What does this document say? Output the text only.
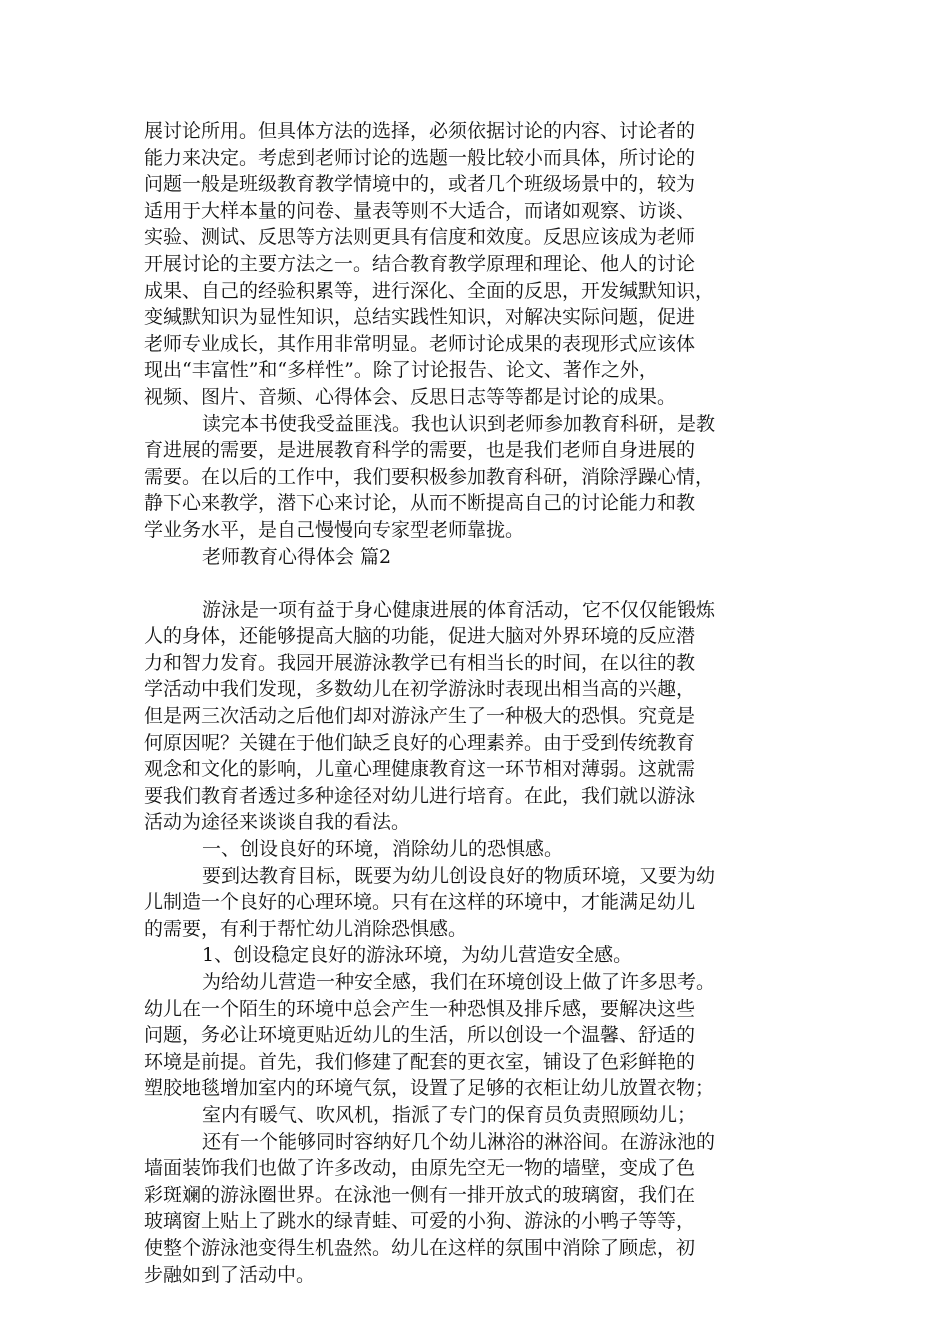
展讨论所用。但具体方法的选择，必须依据讨论的内容、讨论者的
能力来决定。考虑到老师讨论的选题一般比较小而具体，所讨论的
问题一般是班级教育教学情境中的，或者几个班级场景中的，较为
适用于大样本量的问卷、量表等则不大适合，而诸如观察、访谈、
实验、测试、反思等方法则更具有信度和效度。反思应该成为老师
开展讨论的主要方法之一。结合教育教学原理和理论、他人的讨论
成果、自己的经验积累等，进行深化、全面的反思，开发缄默知识，
变缄默知识为显性知识，总结实践性知识，对解决实际问题，促进
老师专业成长，其作用非常明显。老师讨论成果的表现形式应该体
现出“丰富性”和“多样性”。除了讨论报告、论文、著作之外，
视频、图片、音频、心得体会、反思日志等等都是讨论的成果。
读完本书使我受益匪浅。我也认识到老师参加教育科研，是教
育进展的需要，是进展教育科学的需要，也是我们老师自身进展的
需要。在以后的工作中，我们要积极参加教育科研，消除浮躁心情，
静下心来教学，潜下心来讨论，从而不断提高自己的讨论能力和教
学业务水平，是自己慢慢向专家型老师靠拢。
老师教育心得体会 篇2
游泳是一项有益于身心健康进展的体育活动，它不仅仅能锻炼
人的身体，还能够提高大脑的功能，促进大脑对外界环境的反应潜
力和智力发育。我园开展游泳教学已有相当长的时间，在以往的教
学活动中我们发现，多数幼儿在初学游泳时表现出相当高的兴趣，
但是两三次活动之后他们却对游泳产生了一种极大的恐惧。究竟是
何原因呢？关键在于他们缺乏良好的心理素养。由于受到传统教育
观念和文化的影响，儿童心理健康教育这一环节相对薄弱。这就需
要我们教育者透过多种途径对幼儿进行培育。在此，我们就以游泳
活动为途径来谈谈自我的看法。
一、创设良好的环境，消除幼儿的恐惧感。
要到达教育目标，既要为幼儿创设良好的物质环境，又要为幼
儿制造一个良好的心理环境。只有在这样的环境中，才能满足幼儿
的需要，有利于帮忙幼儿消除恐惧感。
1、创设稳定良好的游泳环境，为幼儿营造安全感。
为给幼儿营造一种安全感，我们在环境创设上做了许多思考。
幼儿在一个陌生的环境中总会产生一种恐惧及排斥感，要解决这些
问题，务必让环境更贴近幼儿的生活，所以创设一个温馨、舒适的
环境是前提。首先，我们修建了配套的更衣室，铺设了色彩鲜艳的
塑胶地毯增加室内的环境气氛，设置了足够的衣柜让幼儿放置衣物；
室内有暖气、吹风机，指派了专门的保育员负责照顾幼儿；
还有一个能够同时容纳好几个幼儿淋浴的淋浴间。在游泳池的
墙面装饰我们也做了许多改动，由原先空无一物的墙壁，变成了色
彩斑斓的游泳圈世界。在泳池一侧有一排开放式的玻璃窗，我们在
玻璃窗上贴上了跳水的绿青蛙、可爱的小狗、游泳的小鸭子等等，
使整个游泳池变得生机盎然。幼儿在这样的氛围中消除了顾虑，初
步融如到了活动中。
